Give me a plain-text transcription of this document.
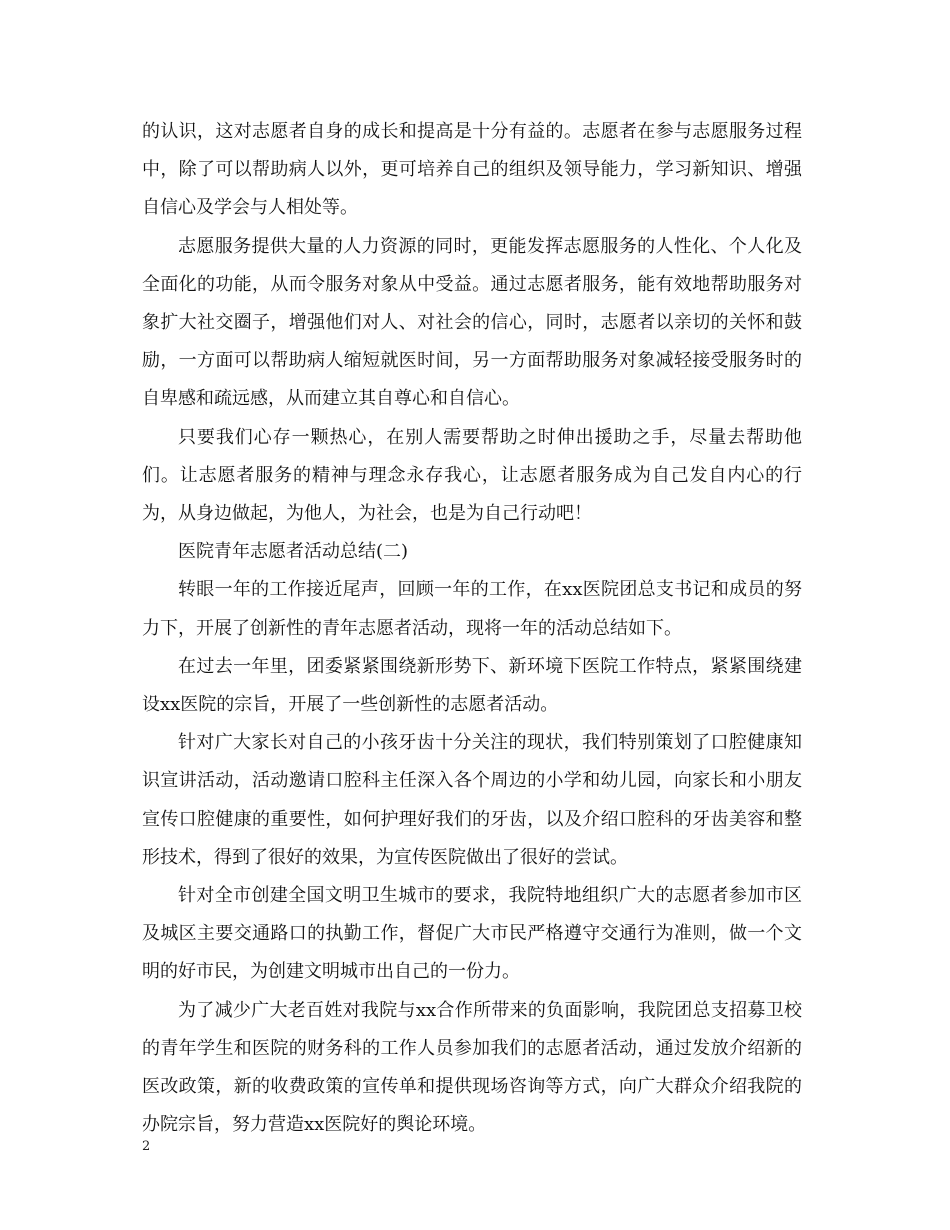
的认识，这对志愿者自身的成长和提高是十分有益的。志愿者在参与志愿服务过程中，除了可以帮助病人以外，更可培养自己的组织及领导能力，学习新知识、增强自信心及学会与人相处等。

志愿服务提供大量的人力资源的同时，更能发挥志愿服务的人性化、个人化及全面化的功能，从而令服务对象从中受益。通过志愿者服务，能有效地帮助服务对象扩大社交圈子，增强他们对人、对社会的信心，同时，志愿者以亲切的关怀和鼓励，一方面可以帮助病人缩短就医时间，另一方面帮助服务对象减轻接受服务时的自卑感和疏远感，从而建立其自尊心和自信心。

只要我们心存一颗热心，在别人需要帮助之时伸出援助之手，尽量去帮助他们。让志愿者服务的精神与理念永存我心，让志愿者服务成为自己发自内心的行为，从身边做起，为他人，为社会，也是为自己行动吧！

医院青年志愿者活动总结(二)

转眼一年的工作接近尾声，回顾一年的工作，在xx医院团总支书记和成员的努力下，开展了创新性的青年志愿者活动，现将一年的活动总结如下。

在过去一年里，团委紧紧围绕新形势下、新环境下医院工作特点，紧紧围绕建设xx医院的宗旨，开展了一些创新性的志愿者活动。

针对广大家长对自己的小孩牙齿十分关注的现状，我们特别策划了口腔健康知识宣讲活动，活动邀请口腔科主任深入各个周边的小学和幼儿园，向家长和小朋友宣传口腔健康的重要性，如何护理好我们的牙齿，以及介绍口腔科的牙齿美容和整形技术，得到了很好的效果，为宣传医院做出了很好的尝试。

针对全市创建全国文明卫生城市的要求，我院特地组织广大的志愿者参加市区及城区主要交通路口的执勤工作，督促广大市民严格遵守交通行为准则，做一个文明的好市民，为创建文明城市出自己的一份力。

为了减少广大老百姓对我院与xx合作所带来的负面影响，我院团总支招募卫校的青年学生和医院的财务科的工作人员参加我们的志愿者活动，通过发放介绍新的医改政策，新的收费政策的宣传单和提供现场咨询等方式，向广大群众介绍我院的办院宗旨，努力营造xx医院好的舆论环境。

2
